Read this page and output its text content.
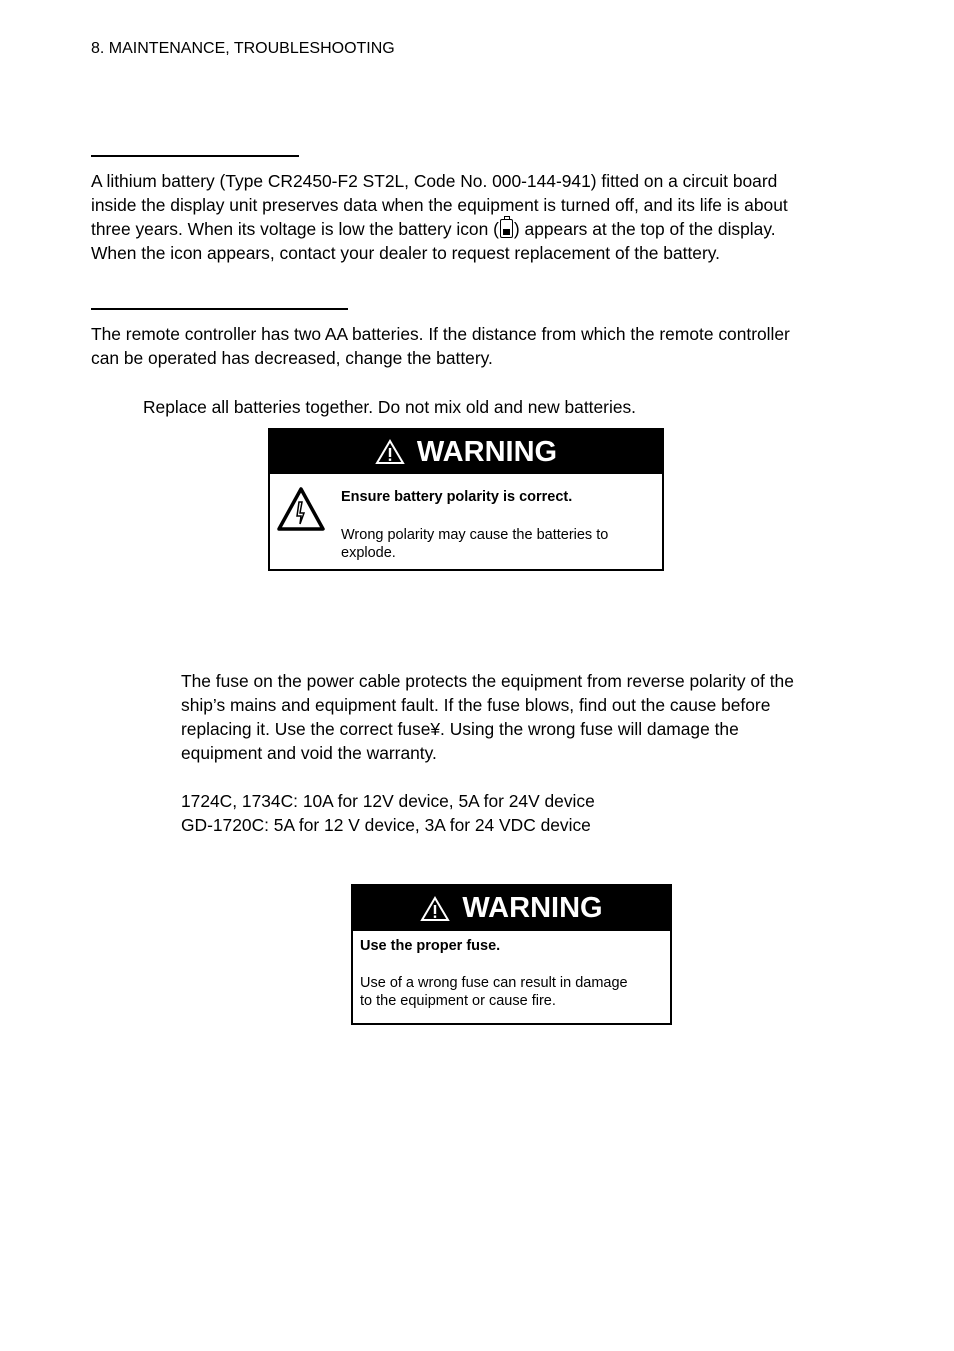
8. MAINTENANCE, TROUBLESHOOTING

A lithium battery (Type CR2450-F2 ST2L, Code No. 000-144-941) fitted on a circuit board

inside the display unit preserves data when the equipment is turned off, and its life is about

three years. When its voltage is low the battery icon ( ) appears at the top of the display.

When the icon appears, contact your dealer to request replacement of the battery.

The remote controller has two AA batteries. If the distance from which the remote controller

can be operated has decreased, change the battery.

Replace all batteries together. Do not mix old and new batteries.
WARNING
Ensure battery polarity is correct.
Wrong polarity may cause the batteries to
explode.

The fuse on the power cable protects the equipment from reverse polarity of the

ship’s mains and equipment fault. If the fuse blows, find out the cause before

replacing it. Use the correct fuse¥. Using the wrong fuse will damage the

equipment and void the warranty.

1724C, 1734C: 10A for 12V device, 5A for 24V device

GD-1720C: 5A for 12 V device, 3A for 24 VDC device

WARNING
Use the proper fuse.
Use of a wrong fuse can result in damage
to the equipment or cause fire.
